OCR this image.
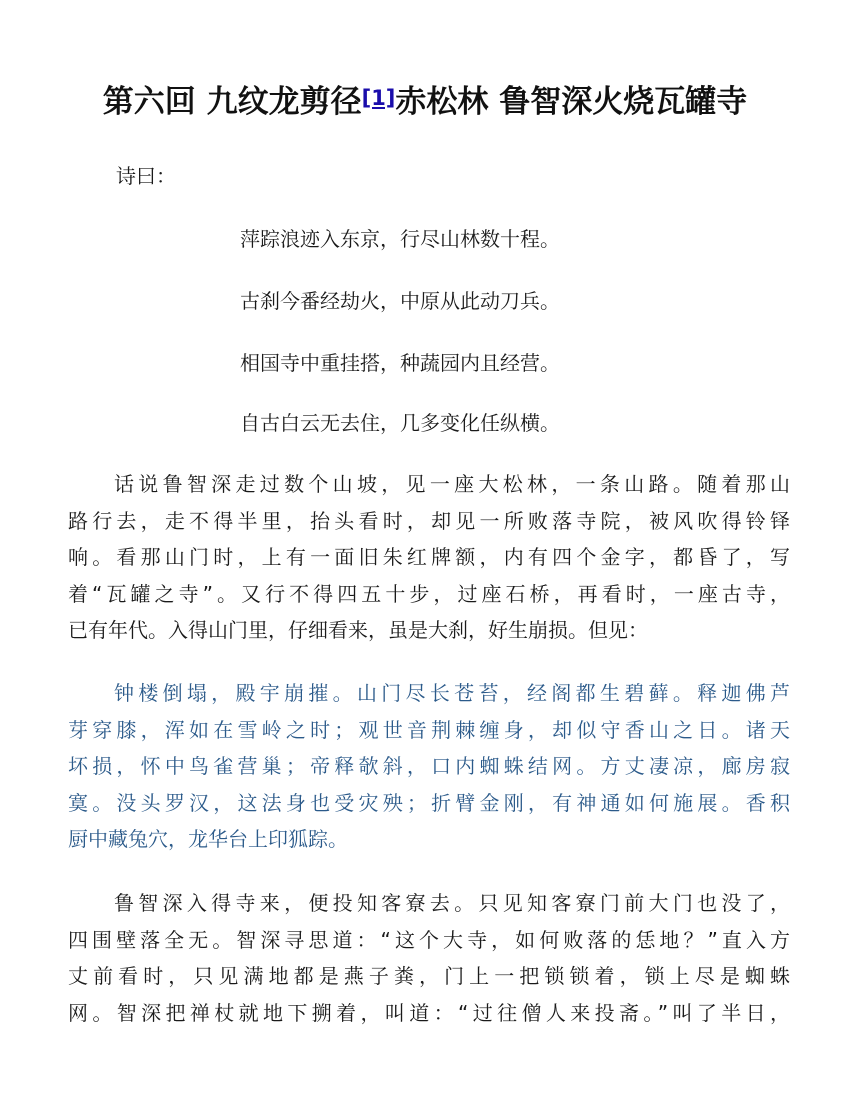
第六回 九纹龙剪径[1]赤松林 鲁智深火烧瓦罐寺
诗曰：
萍踪浪迹入东京，行尽山林数十程。
古刹今番经劫火，中原从此动刀兵。
相国寺中重挂搭，种蔬园内且经营。
自古白云无去住，几多变化任纵横。
话说鲁智深走过数个山坡，见一座大松林，一条山路。随着那山
路行去，走不得半里，抬头看时，却见一所败落寺院，被风吹得铃铎
响。看那山门时，上有一面旧朱红牌额，内有四个金字，都昏了，写
着“瓦罐之寺”。又行不得四五十步，过座石桥，再看时，一座古寺，
已有年代。入得山门里，仔细看来，虽是大刹，好生崩损。但见：
钟楼倒塌，殿宇崩摧。山门尽长苍苔，经阁都生碧藓。释迦佛芦
芽穿膝，浑如在雪岭之时；观世音荆棘缠身，却似守香山之日。诸天
坏损，怀中鸟雀营巢；帝释欹斜，口内蜘蛛结网。方丈凄凉，廊房寂
寞。没头罗汉，这法身也受灾殃；折臂金刚，有神通如何施展。香积
厨中藏兔穴，龙华台上印狐踪。
鲁智深入得寺来，便投知客寮去。只见知客寮门前大门也没了，
四围壁落全无。智深寻思道：“这个大寺，如何败落的恁地？”直入方
丈前看时，只见满地都是燕子粪，门上一把锁锁着，锁上尽是蜘蛛
网。智深把禅杖就地下搠着，叫道：“过往僧人来投斋。”叫了半日，
